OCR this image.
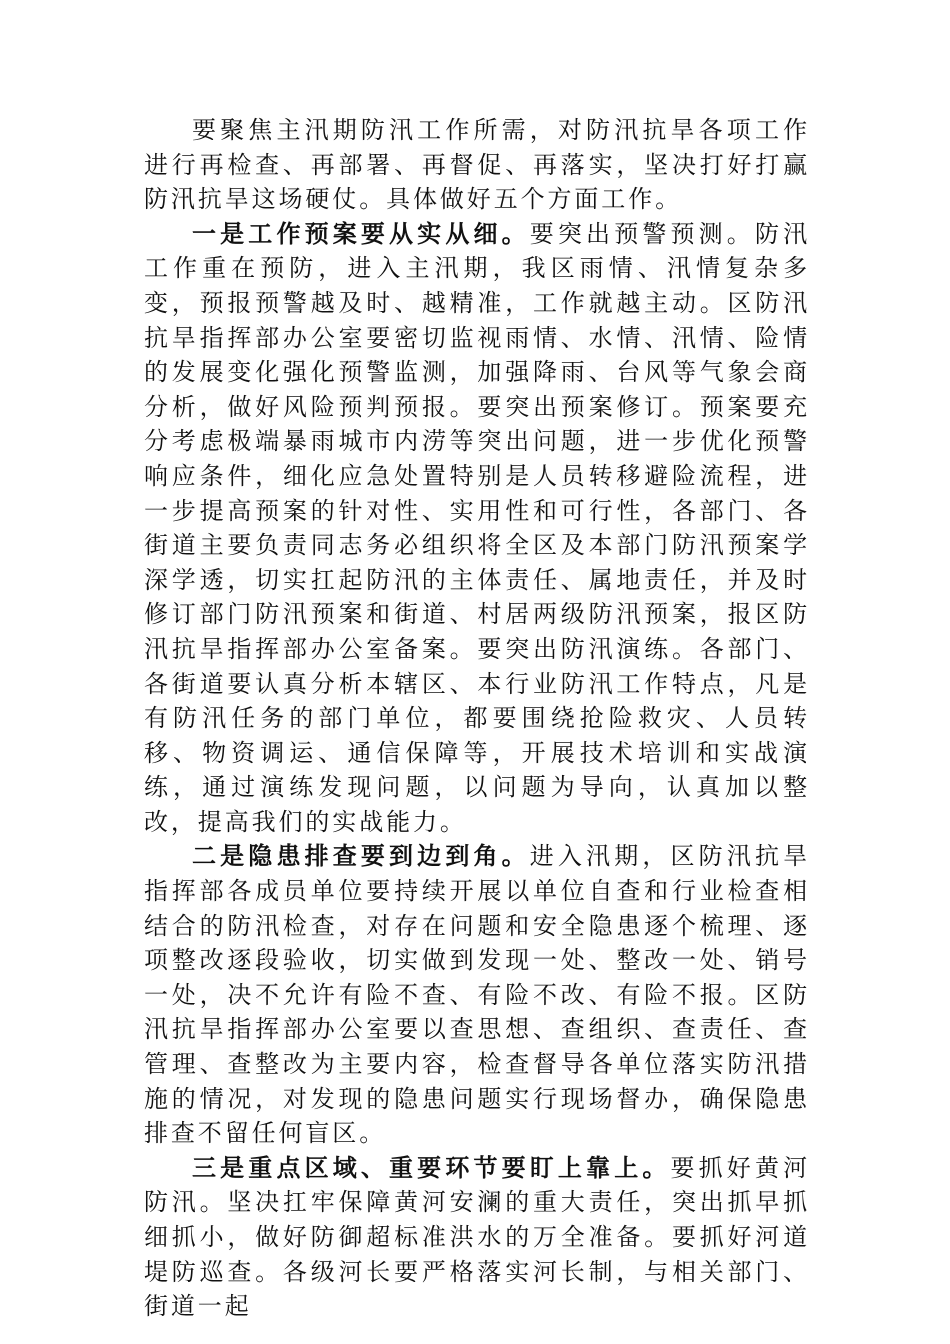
要聚焦主汛期防汛工作所需，对防汛抗旱各项工作进行再检查、再部署、再督促、再落实，坚决打好打赢防汛抗旱这场硬仗。具体做好五个方面工作。

一是工作预案要从实从细。要突出预警预测。防汛工作重在预防，进入主汛期，我区雨情、汛情复杂多变，预报预警越及时、越精准，工作就越主动。区防汛抗旱指挥部办公室要密切监视雨情、水情、汛情、险情的发展变化强化预警监测，加强降雨、台风等气象会商分析，做好风险预判预报。要突出预案修订。预案要充分考虑极端暴雨城市内涝等突出问题，进一步优化预警响应条件，细化应急处置特别是人员转移避险流程，进一步提高预案的针对性、实用性和可行性，各部门、各街道主要负责同志务必组织将全区及本部门防汛预案学深学透，切实扛起防汛的主体责任、属地责任，并及时修订部门防汛预案和街道、村居两级防汛预案，报区防汛抗旱指挥部办公室备案。要突出防汛演练。各部门、各街道要认真分析本辖区、本行业防汛工作特点，凡是有防汛任务的部门单位，都要围绕抢险救灾、人员转移、物资调运、通信保障等，开展技术培训和实战演练，通过演练发现问题，以问题为导向，认真加以整改，提高我们的实战能力。

二是隐患排查要到边到角。进入汛期，区防汛抗旱指挥部各成员单位要持续开展以单位自查和行业检查相结合的防汛检查，对存在问题和安全隐患逐个梳理、逐项整改逐段验收，切实做到发现一处、整改一处、销号一处，决不允许有险不查、有险不改、有险不报。区防汛抗旱指挥部办公室要以查思想、查组织、查责任、查管理、查整改为主要内容，检查督导各单位落实防汛措施的情况，对发现的隐患问题实行现场督办，确保隐患排查不留任何盲区。

三是重点区域、重要环节要盯上靠上。要抓好黄河防汛。坚决扛牢保障黄河安澜的重大责任，突出抓早抓细抓小，做好防御超标准洪水的万全准备。要抓好河道堤防巡查。各级河长要严格落实河长制，与相关部门、街道一起
